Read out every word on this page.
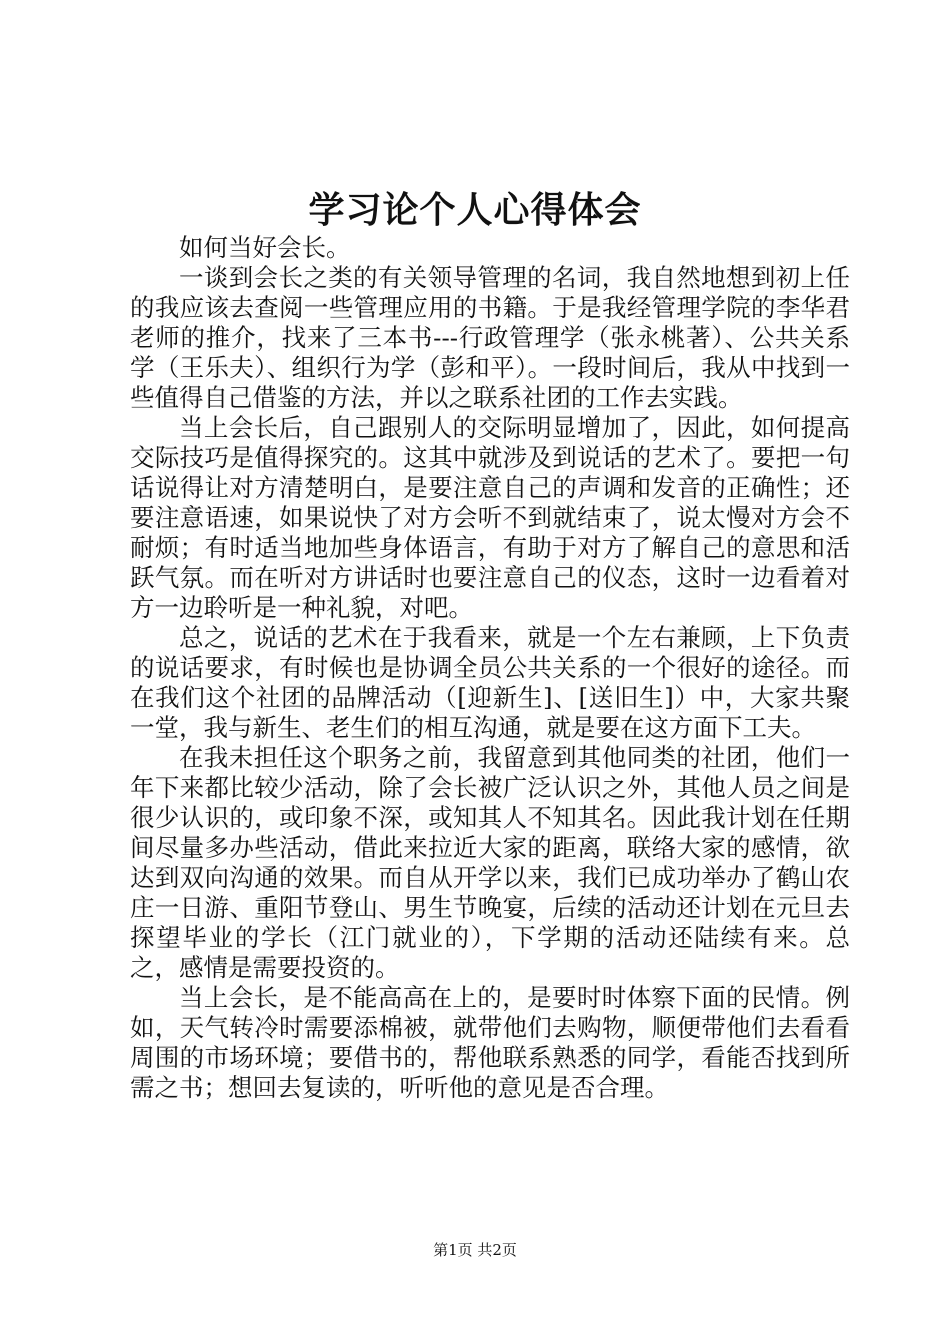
学习论个人心得体会

如何当好会长。

一谈到会长之类的有关领导管理的名词，我自然地想到初上任的我应该去查阅一些管理应用的书籍。于是我经管理学院的李华君老师的推介，找来了三本书---行政管理学（张永桃著）、公共关系学（王乐夫）、组织行为学（彭和平）。一段时间后，我从中找到一些值得自己借鉴的方法，并以之联系社团的工作去实践。

当上会长后，自己跟别人的交际明显增加了，因此，如何提高交际技巧是值得探究的。这其中就涉及到说话的艺术了。要把一句话说得让对方清楚明白，是要注意自己的声调和发音的正确性；还要注意语速，如果说快了对方会听不到就结束了，说太慢对方会不耐烦；有时适当地加些身体语言，有助于对方了解自己的意思和活跃气氛。而在听对方讲话时也要注意自己的仪态，这时一边看着对方一边聆听是一种礼貌，对吧。

总之，说话的艺术在于我看来，就是一个左右兼顾，上下负责的说话要求，有时候也是协调全员公共关系的一个很好的途径。而在我们这个社团的品牌活动（[迎新生]、[送旧生]）中，大家共聚一堂，我与新生、老生们的相互沟通，就是要在这方面下工夫。

在我未担任这个职务之前，我留意到其他同类的社团，他们一年下来都比较少活动，除了会长被广泛认识之外，其他人员之间是很少认识的，或印象不深，或知其人不知其名。因此我计划在任期间尽量多办些活动，借此来拉近大家的距离，联络大家的感情，欲达到双向沟通的效果。而自从开学以来，我们已成功举办了鹤山农庄一日游、重阳节登山、男生节晚宴，后续的活动还计划在元旦去探望毕业的学长（江门就业的），下学期的活动还陆续有来。总之，感情是需要投资的。

当上会长，是不能高高在上的，是要时时体察下面的民情。例如，天气转冷时需要添棉被，就带他们去购物，顺便带他们去看看周围的市场环境；要借书的，帮他联系熟悉的同学，看能否找到所需之书；想回去复读的，听听他的意见是否合理。

第1页 共2页
